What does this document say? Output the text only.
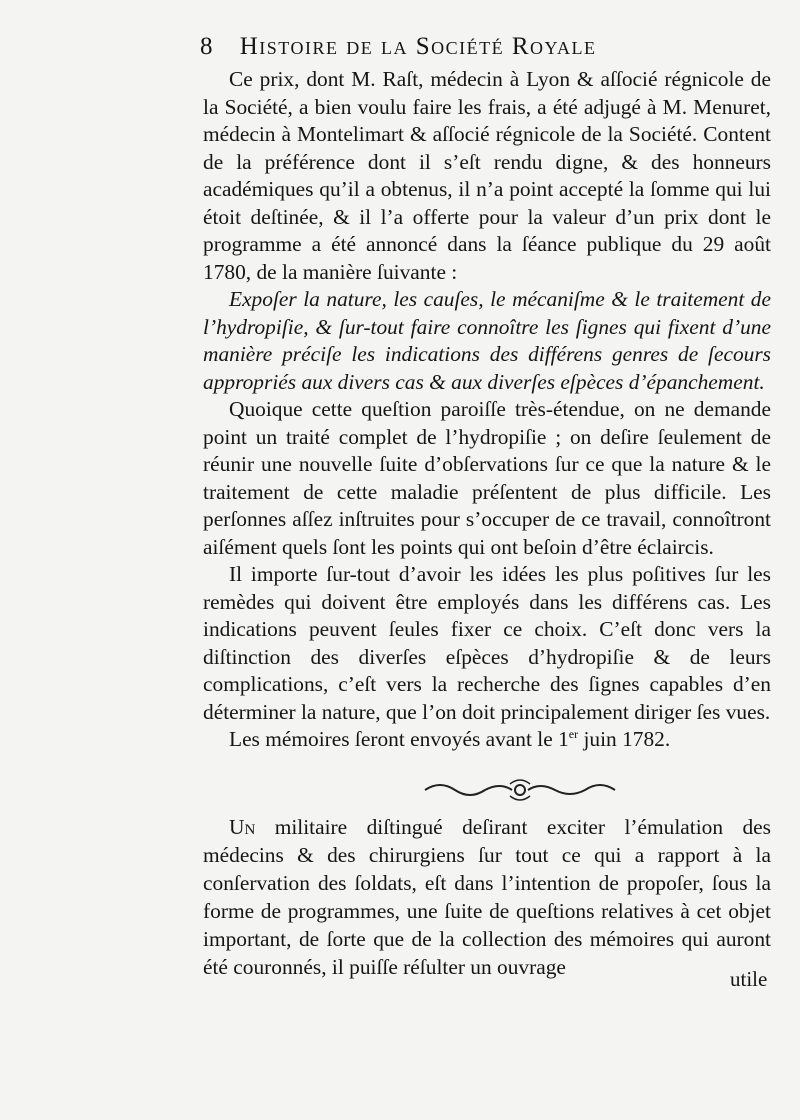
8 Histoire de la Société Royale

Ce prix, dont M. Raſt, médecin à Lyon & aſſocié régnicole de la Société, a bien voulu faire les frais, a été adjugé à M. Menuret, médecin à Montelimart & aſſocié régnicole de la Société. Content de la préférence dont il s’eſt rendu digne, & des honneurs académiques qu’il a obtenus, il n’a point accepté la ſomme qui lui étoit deſtinée, & il l’a offerte pour la valeur d’un prix dont le programme a été annoncé dans la ſéance publique du 29 août 1780, de la manière ſuivante :

Expoſer la nature, les cauſes, le mécaniſme & le traitement de l’hydropiſie, & ſur-tout faire connoître les ſignes qui fixent d’une manière préciſe les indications des différens genres de ſecours appropriés aux divers cas & aux diverſes eſpèces d’épanchement.

Quoique cette queſtion paroiſſe très-étendue, on ne demande point un traité complet de l’hydropiſie ; on deſire ſeulement de réunir une nouvelle ſuite d’obſervations ſur ce que la nature & le traitement de cette maladie préſentent de plus difficile. Les perſonnes aſſez inſtruites pour s’occuper de ce travail, connoîtront aiſément quels ſont les points qui ont beſoin d’être éclaircis.

Il importe ſur-tout d’avoir les idées les plus poſitives ſur les remèdes qui doivent être employés dans les différens cas. Les indications peuvent ſeules fixer ce choix. C’eſt donc vers la diſtinction des diverſes eſpèces d’hydropiſie & de leurs complications, c’eſt vers la recherche des ſignes capables d’en déterminer la nature, que l’on doit principalement diriger ſes vues.

Les mémoires ſeront envoyés avant le 1er juin 1782.

Un militaire diſtingué deſirant exciter l’émulation des médecins & des chirurgiens ſur tout ce qui a rapport à la conſervation des ſoldats, eſt dans l’intention de propoſer, ſous la forme de programmes, une ſuite de queſtions relatives à cet objet important, de ſorte que de la collection des mémoires qui auront été couronnés, il puiſſe réſulter un ouvrage	utile
